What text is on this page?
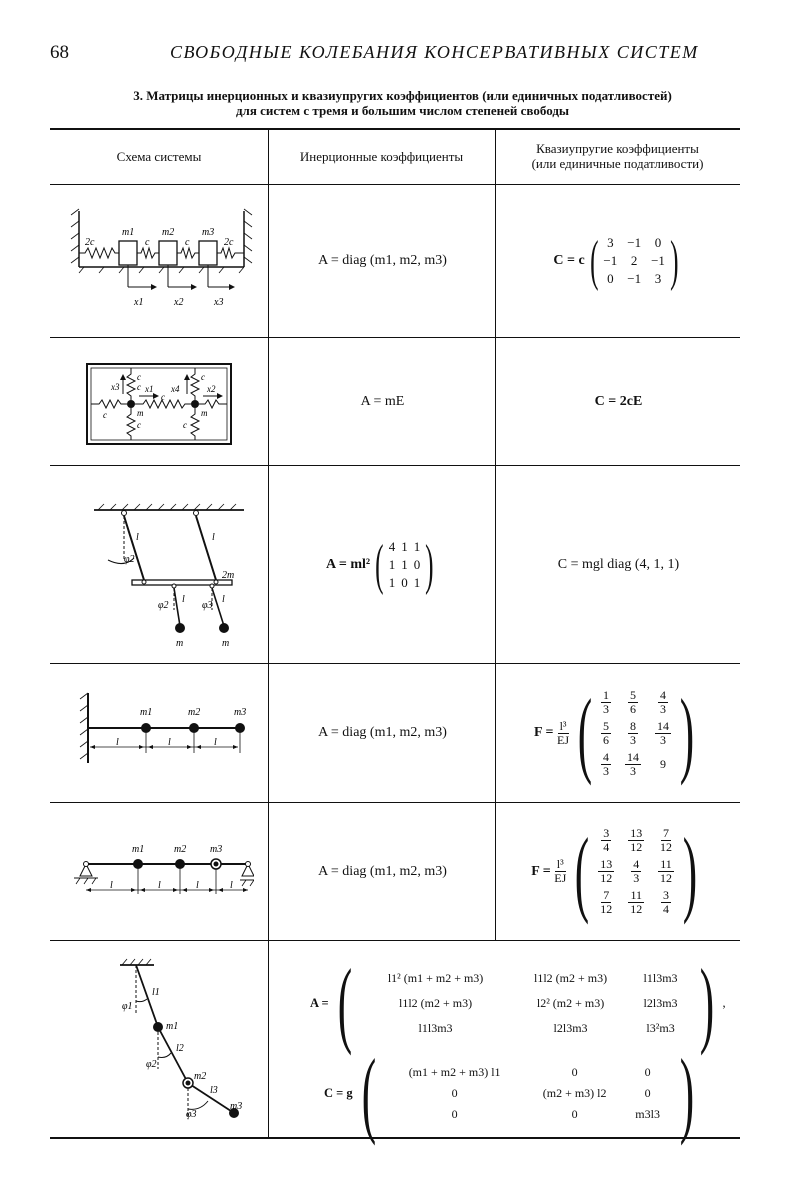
68	СВОБОДНЫЕ КОЛЕБАНИЯ КОНСЕРВАТИВНЫХ СИСТЕМ
3. Матрицы инерционных и квазиупругих коэффициентов (или единичных податливостей)
для систем с тремя и большим числом степеней свободы
Схема системы	Инерционные коэффициенты	Квазиупругие коэффициенты
(или единичные податливости)
2c
m1
c
m2
c
m3
2c
x1	x2	x3
A = diag (m1, m2, m3)	C = c ( 3 −1 0
−1 2 −1
0 −1 3 )
x3
c
c x1
c
x4	x2
c	m
c	c
m
c
A = mE	C = 2cE
l
φ2
l
2m
φ2
l
φ3
l
m	m
A = ml² ( 4 1 1
1 1 0
1 0 1 )	C = mgl diag (4, 1, 1)
m1	m2	m3
l	l	l
A = diag (m1, m2, m3)	F =
$\frac{\text{l³}}{EJ}$ ( $\frac{1}{3} \frac{5}{6} \frac{4}{3}$
$\frac{5}{6} \frac{8}{3} \frac{14}{3}$
$\frac{4}{3} \frac{14}{3}$	9 )
m1	m2 m3
l	l	l	l
A = diag (m1, m2, m3)	F =
$\frac{\text{l³}}{EJ}$ ( $\frac{3}{4} \frac{13}{12} \frac{7}{12}$
$\frac{13}{12} \frac{4}{3} \frac{11}{12}$
$\frac{7}{12} \frac{11}{12} \frac{3}{4}$ )
l1
φ1
m1
l2
φ2
m2
l3
φ3
m3
A = (	l1² (m1 + m2 + m3)	l1l2 (m2 + m3)	l1l3m3
l1l2 (m2 + m3)	l2² (m2 + m3)	l2l3m3
l1l3m3	l2l3m3	l3²m3 ) ,
C = g (	(m1 + m2 + m3) l1	0	0
0	(m2 + m3) l2	0
0	0	m3l3 )
